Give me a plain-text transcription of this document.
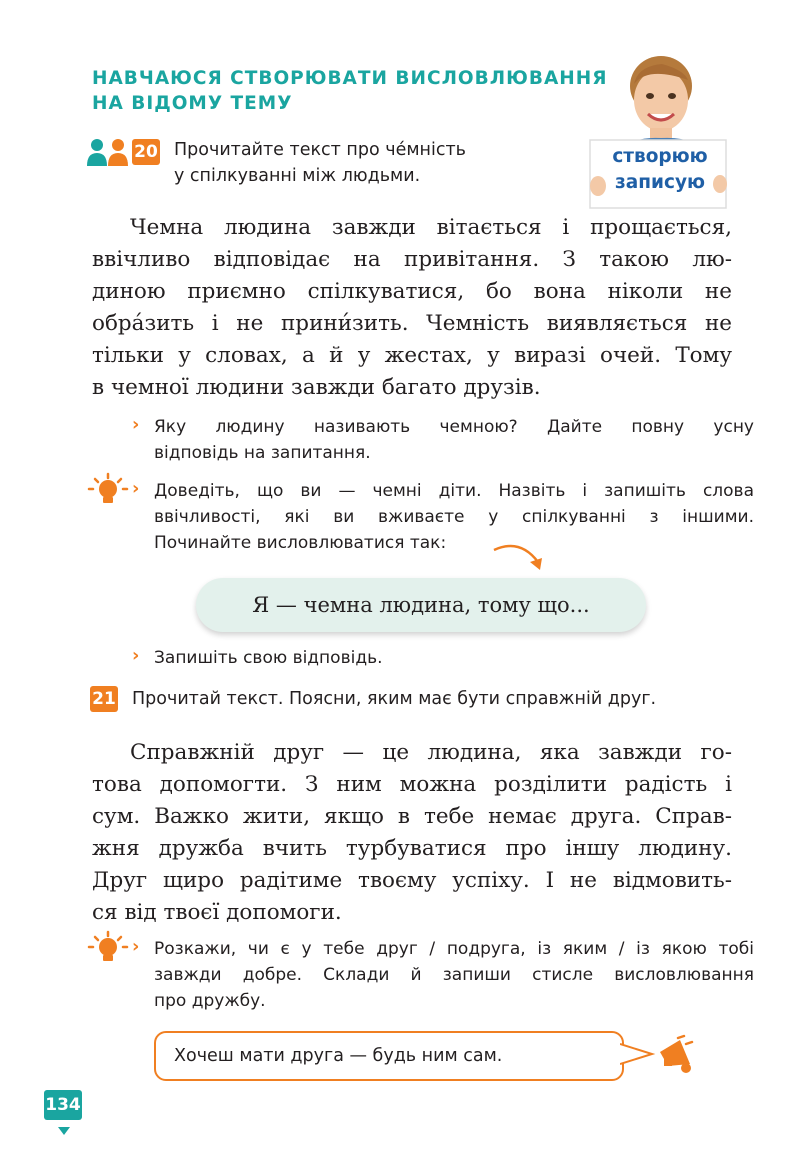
НАВЧАЮСЯ СТВОРЮВАТИ ВИСЛОВЛЮВАННЯ
НА ВІДОМУ ТЕМУ
створюю
записую
20 Прочитайте текст про че́мність
у спілкуванні між людьми.
Чемна людина завжди вітається і прощається,
ввічливо відповідає на привітання. З такою лю-
диною приємно спілкуватися, бо вона ніколи не
обра́зить і не прини́зить. Чемність виявляється не
тільки у словах, а й у жестах, у виразі очей. Тому
в чемної людини завжди багато друзів.
› Яку людину називають чемною? Дайте повну усну
відповідь на запитання.
› Доведіть, що ви — чемні діти. Назвіть і запишіть слова
ввічливості, які ви вживаєте у спілкуванні з іншими.
Починайте висловлюватися так:
Я — чемна людина, тому що...
› Запишіть свою відповідь.
21 Прочитай текст. Поясни, яким має бути справжній друг.
Справжній друг — це людина, яка завжди го-
това допомогти. З ним можна розділити радість і
сум. Важко жити, якщо в тебе немає друга. Справ-
жня дружба вчить турбуватися про іншу людину.
Друг щиро радітиме твоєму успіху. І не відмовить-
ся від твоєї допомоги.
› Розкажи, чи є у тебе друг / подруга, із яким / із якою тобі
завжди добре. Склади й запиши стисле висловлювання
про дружбу.
Хочеш мати друга — будь ним сам.
134
